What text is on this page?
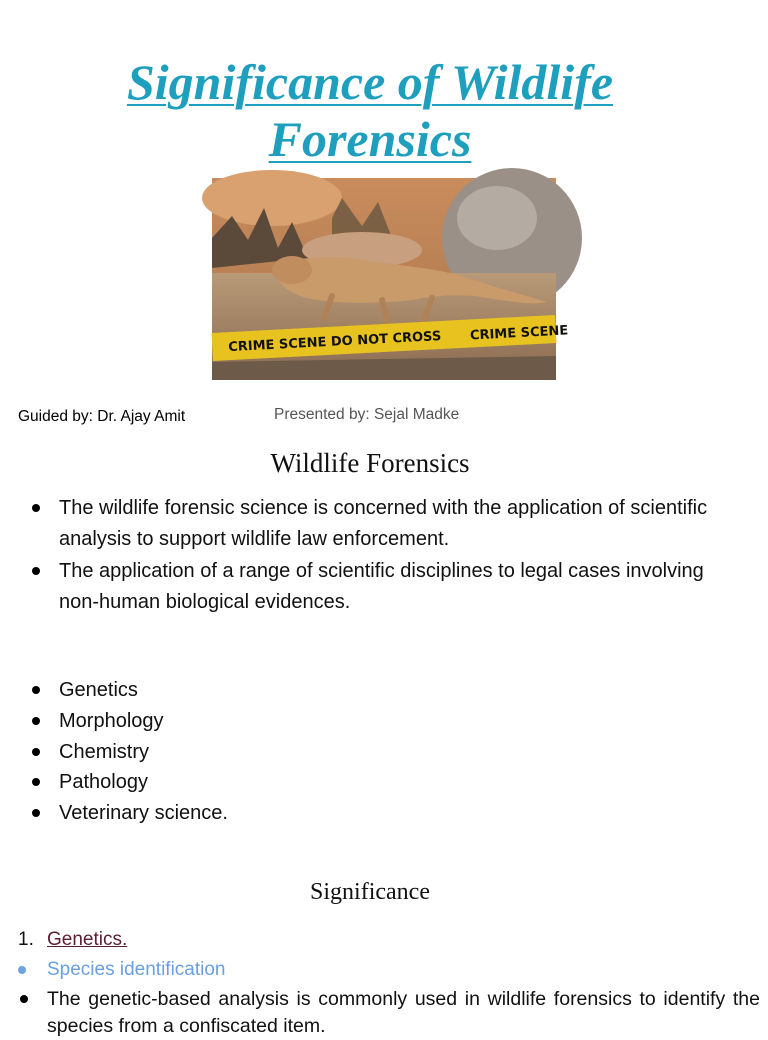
Significance of Wildlife Forensics
CRIME SCENE DO NOT CROSS CRIME SCENE
Guided by: Dr. Ajay Amit	Presented by: Sejal Madke
Wildlife Forensics
The wildlife forensic science is concerned with the application of scientific analysis to support wildlife law enforcement.
The application of a range of scientific disciplines to legal cases involving non-human biological evidences.
Genetics
Morphology
Chemistry
Pathology
Veterinary science.
Significance
1. Genetics.
Species identification
The genetic-based analysis is commonly used in wildlife forensics to identify the species from a confiscated item.
